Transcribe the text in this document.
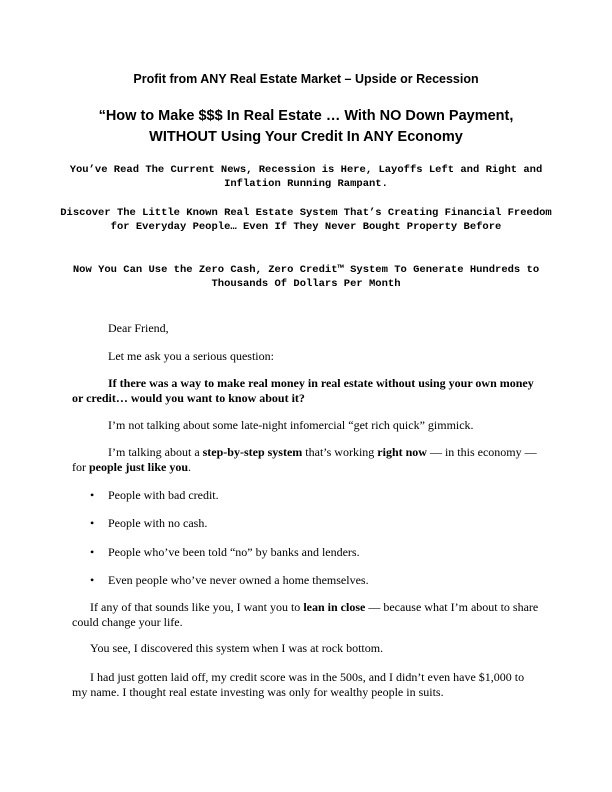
Profit from ANY Real Estate Market – Upside or Recession
“How to Make $$$ In Real Estate … With NO Down Payment,
WITHOUT Using Your Credit In ANY Economy
You’ve Read The Current News, Recession is Here, Layoffs Left and Right and Inflation Running Rampant.
Discover The Little Known Real Estate System That’s Creating Financial Freedom for Everyday People… Even If They Never Bought Property Before
Now You Can Use the Zero Cash, Zero Credit™ System To Generate Hundreds to Thousands Of Dollars Per Month
Dear Friend,
Let me ask you a serious question:
If there was a way to make real money in real estate without using your own money or credit… would you want to know about it?
I’m not talking about some late-night infomercial “get rich quick” gimmick.
I’m talking about a step-by-step system that’s working right now — in this economy — for people just like you.
• People with bad credit.
• People with no cash.
• People who’ve been told “no” by banks and lenders.
• Even people who’ve never owned a home themselves.
If any of that sounds like you, I want you to lean in close — because what I’m about to share could change your life.
You see, I discovered this system when I was at rock bottom.
I had just gotten laid off, my credit score was in the 500s, and I didn’t even have $1,000 to my name. I thought real estate investing was only for wealthy people in suits.
